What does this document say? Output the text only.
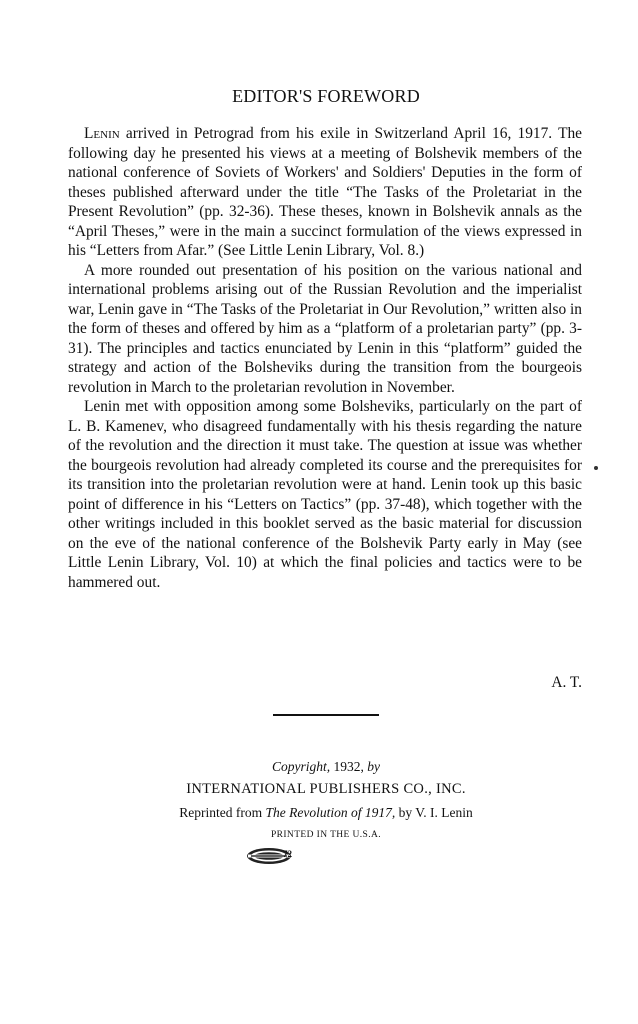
EDITOR'S FOREWORD

Lenin arrived in Petrograd from his exile in Switzerland April 16, 1917. The following day he presented his views at a meeting of Bolshevik members of the national conference of Soviets of Workers' and Soldiers' Deputies in the form of theses published afterward under the title “The Tasks of the Proletariat in the Present Revolution” (pp. 32-36). These theses, known in Bolshevik annals as the “April Theses,” were in the main a succinct formulation of the views expressed in his “Letters from Afar.” (See Little Lenin Library, Vol. 8.)

A more rounded out presentation of his position on the various national and international problems arising out of the Russian Revolution and the imperialist war, Lenin gave in “The Tasks of the Proletariat in Our Revolution,” written also in the form of theses and offered by him as a “platform of a proletarian party” (pp. 3-31). The principles and tactics enunciated by Lenin in this “platform” guided the strategy and action of the Bolsheviks during the transition from the bourgeois revolution in March to the proletarian revolution in November.

Lenin met with opposition among some Bolsheviks, particularly on the part of L. B. Kamenev, who disagreed fundamentally with his thesis regarding the nature of the revolution and the direction it must take. The question at issue was whether the bourgeois revolution had already completed its course and the prerequisites for its transition into the proletarian revolution were at hand. Lenin took up this basic point of difference in his “Letters on Tactics” (pp. 37-48), which together with the other writings included in this booklet served as the basic material for discussion on the eve of the national conference of the Bolshevik Party early in May (see Little Lenin Library, Vol. 10) at which the final policies and tactics were to be hammered out.

A. T.
Copyright, 1932, by
INTERNATIONAL PUBLISHERS CO., INC.
Reprinted from The Revolution of 1917, by V. I. Lenin
PRINTED IN THE U.S.A.
72
